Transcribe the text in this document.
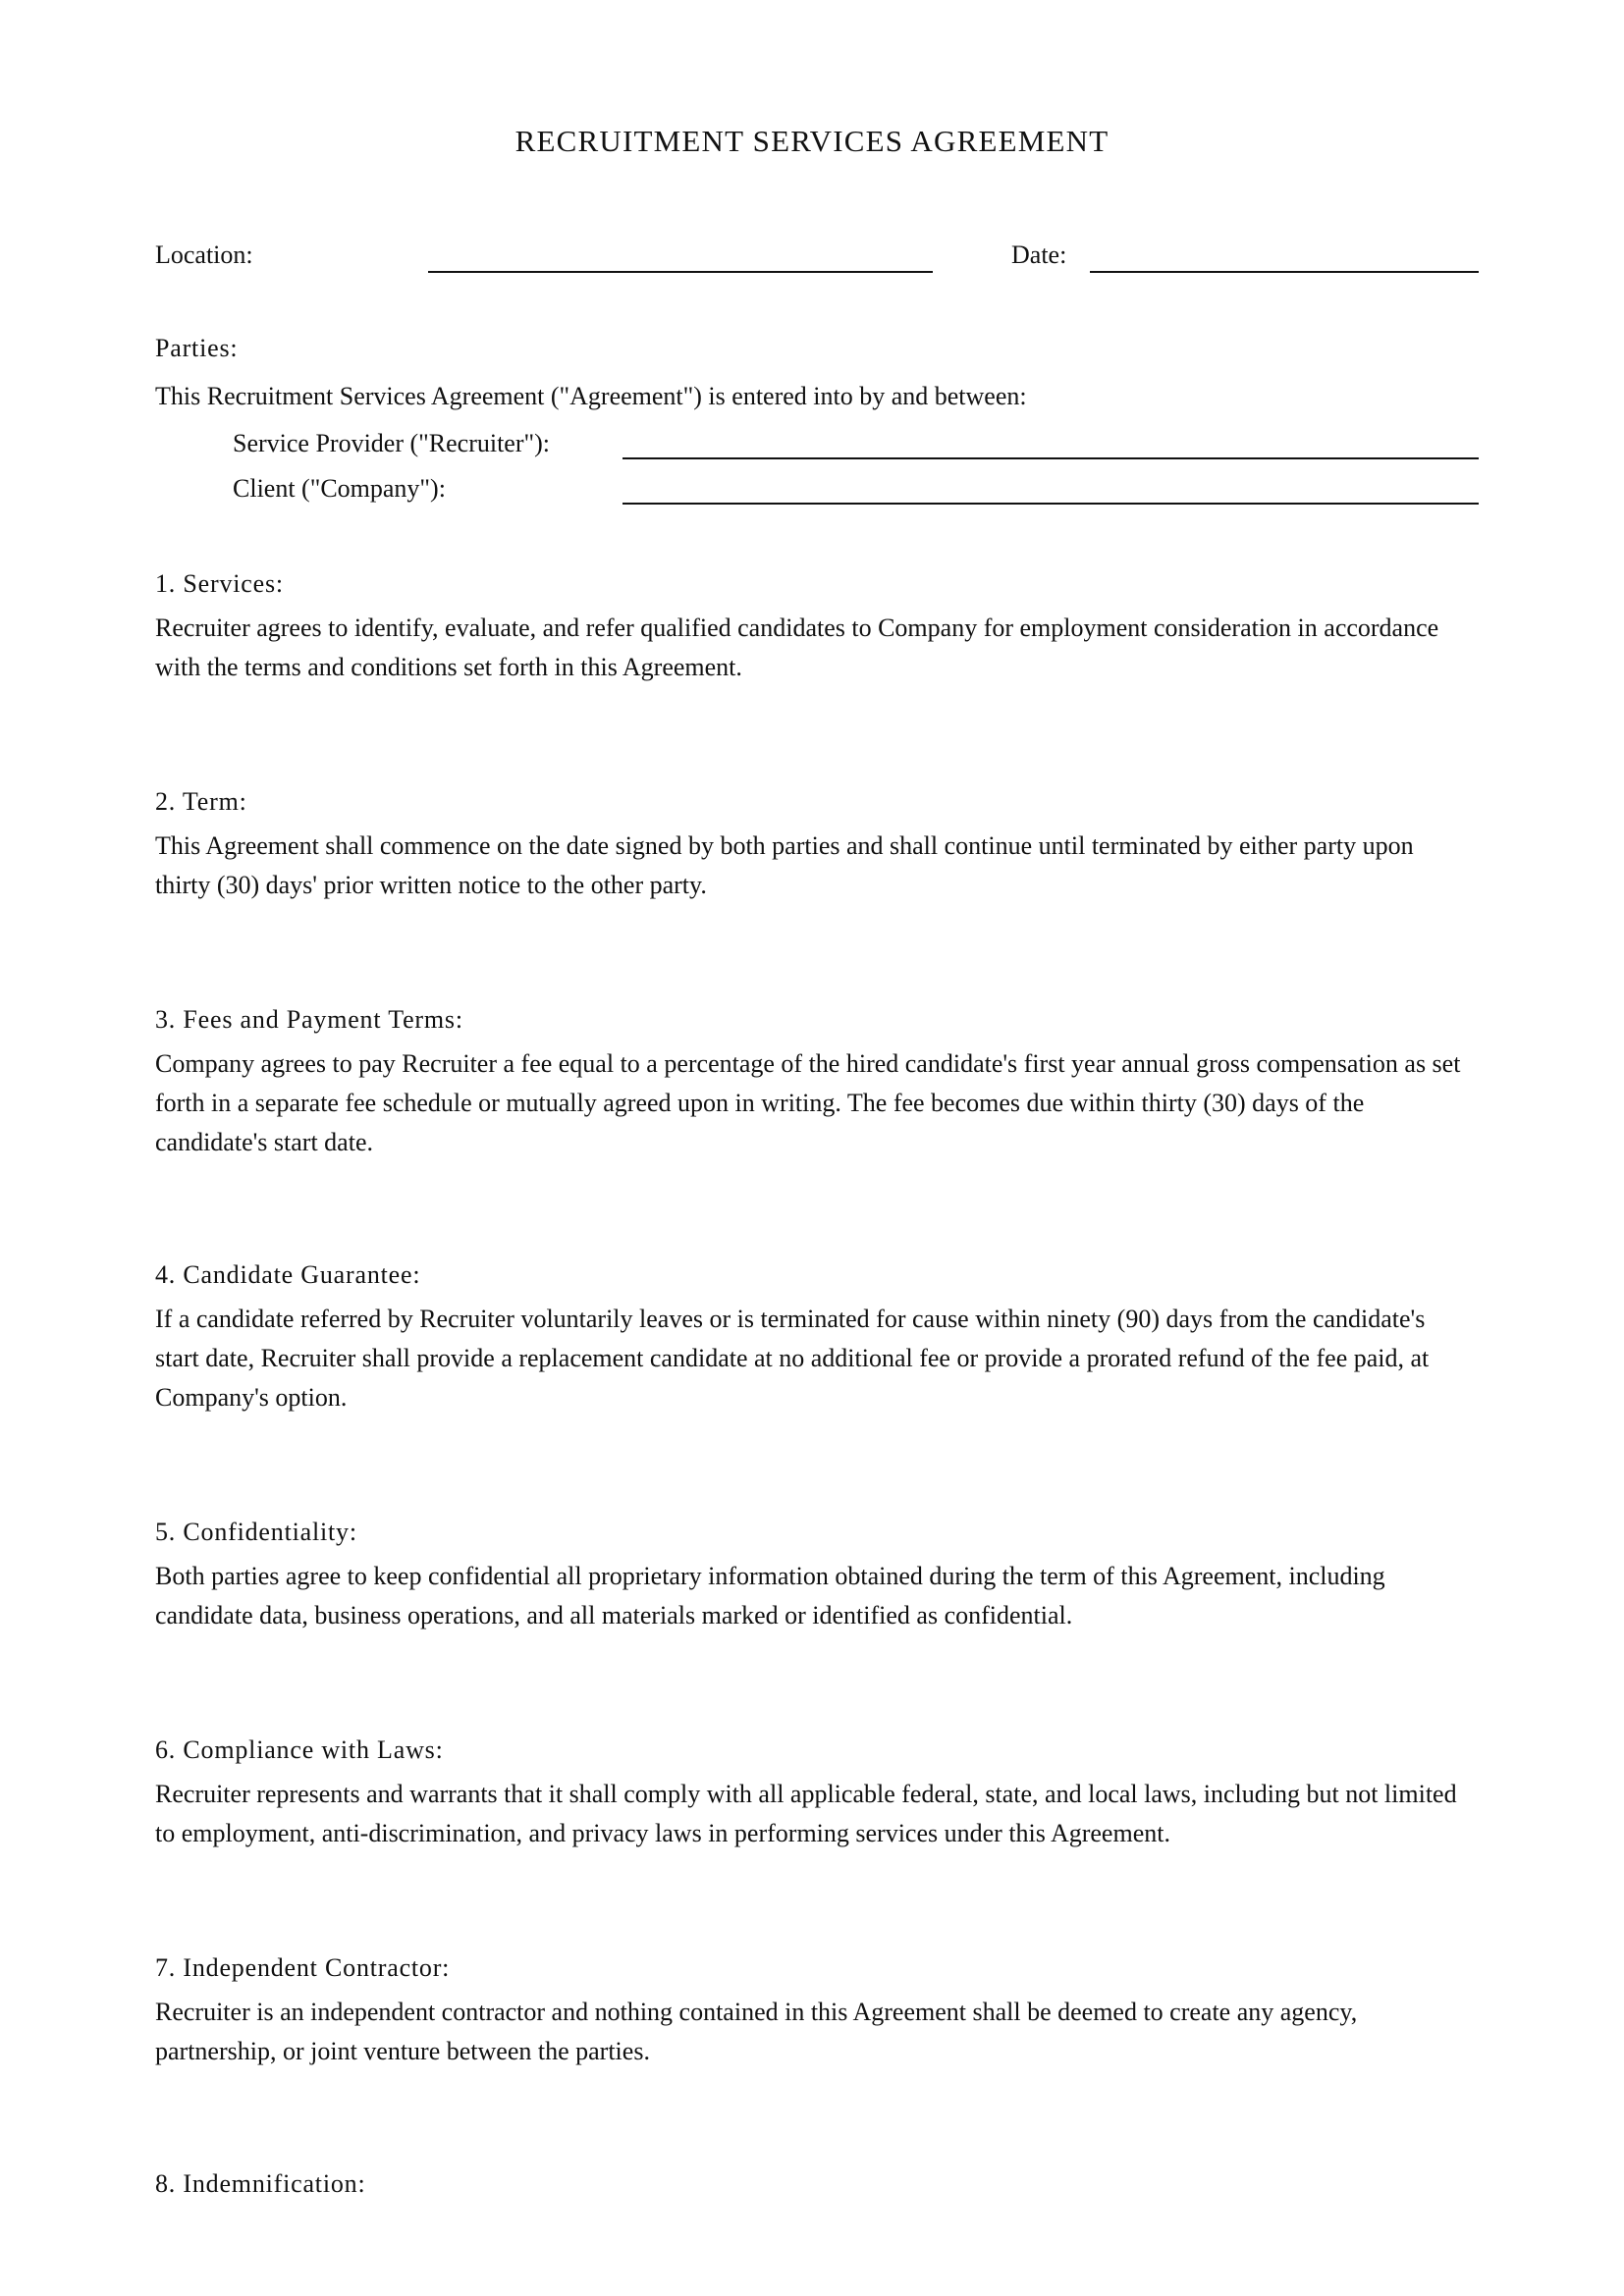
RECRUITMENT SERVICES AGREEMENT
Location:	Date:
Parties:
This Recruitment Services Agreement ("Agreement") is entered into by and between:
Service Provider ("Recruiter"):
Client ("Company"):
1. Services:

Recruiter agrees to identify, evaluate, and refer qualified candidates to Company for employment consideration in accordance with the terms and conditions set forth in this Agreement.

2. Term:

This Agreement shall commence on the date signed by both parties and shall continue until terminated by either party upon thirty (30) days' prior written notice to the other party.

3. Fees and Payment Terms:

Company agrees to pay Recruiter a fee equal to a percentage of the hired candidate's first year annual gross compensation as set forth in a separate fee schedule or mutually agreed upon in writing. The fee becomes due within thirty (30) days of the candidate's start date.

4. Candidate Guarantee:

If a candidate referred by Recruiter voluntarily leaves or is terminated for cause within ninety (90) days from the candidate's start date, Recruiter shall provide a replacement candidate at no additional fee or provide a prorated refund of the fee paid, at Company's option.

5. Confidentiality:

Both parties agree to keep confidential all proprietary information obtained during the term of this Agreement, including candidate data, business operations, and all materials marked or identified as confidential.

6. Compliance with Laws:

Recruiter represents and warrants that it shall comply with all applicable federal, state, and local laws, including but not limited to employment, anti-discrimination, and privacy laws in performing services under this Agreement.

7. Independent Contractor:

Recruiter is an independent contractor and nothing contained in this Agreement shall be deemed to create any agency, partnership, or joint venture between the parties.

8. Indemnification:
